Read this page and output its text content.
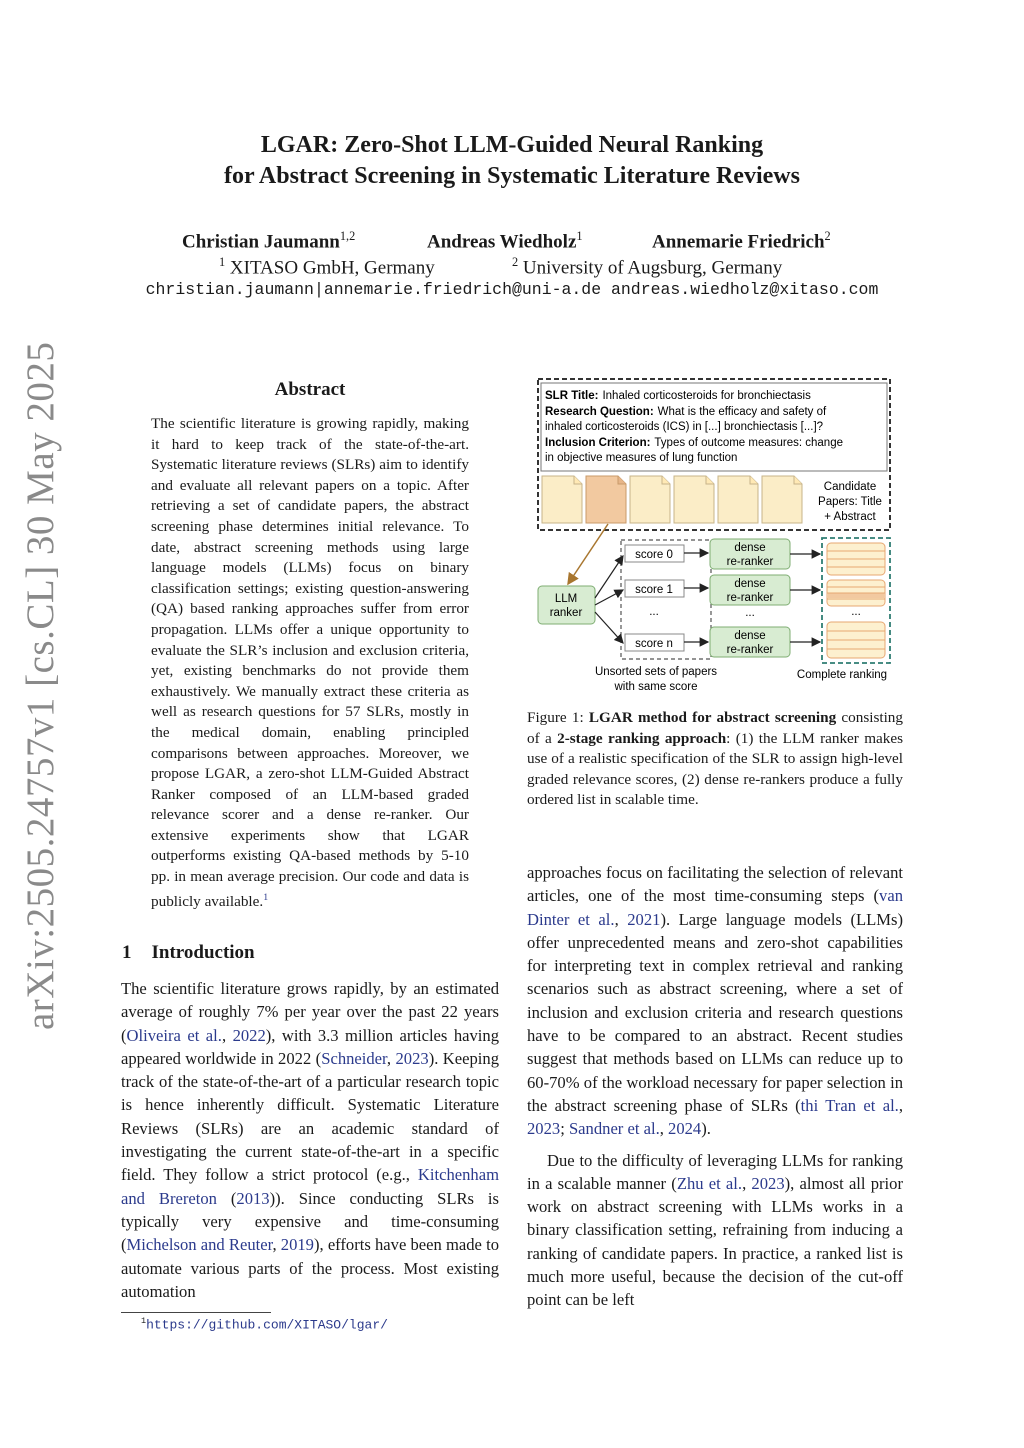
arXiv:2505.24757v1 [cs.CL] 30 May 2025
LGAR: Zero-Shot LLM-Guided Neural Ranking
for Abstract Screening in Systematic Literature Reviews
Christian Jaumann$^{1,2}$	Andreas Wiedholz$^1$	Annemarie Friedrich$^2$
$^1$ XITASO GmbH, Germany	$^2$ University of Augsburg, Germany
christian.jaumann|annemarie.friedrich@uni-a.de andreas.wiedholz@xitaso.com
Abstract
The scientific literature is growing rapidly, making it hard to keep track of the state-of-the-art. Systematic literature reviews (SLRs) aim to identify and evaluate all relevant papers on a topic. After retrieving a set of candidate papers, the abstract screening phase determines initial relevance. To date, abstract screening methods using large language models (LLMs) focus on binary classification settings; existing question-answering (QA) based ranking approaches suffer from error propagation. LLMs offer a unique opportunity to evaluate the SLR’s inclusion and exclusion criteria, yet, existing benchmarks do not provide them exhaustively. We manually extract these criteria as well as research questions for 57 SLRs, mostly in the medical domain, enabling principled comparisons between approaches. Moreover, we propose LGAR, a zero-shot LLM-Guided Abstract Ranker composed of an LLM-based graded relevance scorer and a dense re-ranker. Our extensive experiments show that LGAR outperforms existing QA-based methods by 5-10 pp. in mean average precision. Our code and data is publicly available.$^1$
1 Introduction

The scientific literature grows rapidly, by an estimated average of roughly 7% per year over the past 22 years (Oliveira et al., 2022), with 3.3 million articles having appeared worldwide in 2022 (Schneider, 2023). Keeping track of the state-of-the-art of a particular research topic is hence inherently difficult. Systematic Literature Reviews (SLRs) are an academic standard of investigating the current state-of-the-art in a specific field. They follow a strict protocol (e.g., Kitchenham and Brereton (2013)). Since conducting SLRs is typically very expensive and time-consuming (Michelson and Reuter, 2019), efforts have been made to automate various parts of the process. Most existing automation

$^1$https://github.com/XITASO/lgar/
SLR Title: Inhaled corticosteroids for bronchiectasis
Research Question: What is the efficacy and safety of
inhaled corticosteroids (ICS) in [...] bronchiectasis [...]?
Inclusion Criterion: Types of outcome measures: change
in objective measures of lung function
Candidate
Papers: Title
+ Abstract
LLM
ranker
score 0
score 1
...
score n
dense
re-ranker
dense
re-ranker
...
dense
re-ranker
...
Unsorted sets of papers
with same score
Complete ranking
Figure 1: LGAR method for abstract screening consisting of a 2-stage ranking approach: (1) the LLM ranker makes use of a realistic specification of the SLR to assign high-level graded relevance scores, (2) dense re-rankers produce a fully ordered list in scalable time.

approaches focus on facilitating the selection of relevant articles, one of the most time-consuming steps (van Dinter et al., 2021). Large language models (LLMs) offer unprecedented means and zero-shot capabilities for interpreting text in complex retrieval and ranking scenarios such as abstract screening, where a set of inclusion and exclusion criteria and research questions have to be compared to an abstract. Recent studies suggest that methods based on LLMs can reduce up to 60-70% of the workload necessary for paper selection in the abstract screening phase of SLRs (thi Tran et al., 2023; Sandner et al., 2024).

Due to the difficulty of leveraging LLMs for ranking in a scalable manner (Zhu et al., 2023), almost all prior work on abstract screening with LLMs works in a binary classification setting, refraining from inducing a ranking of candidate papers. In practice, a ranked list is much more useful, because the decision of the cut-off point can be left
